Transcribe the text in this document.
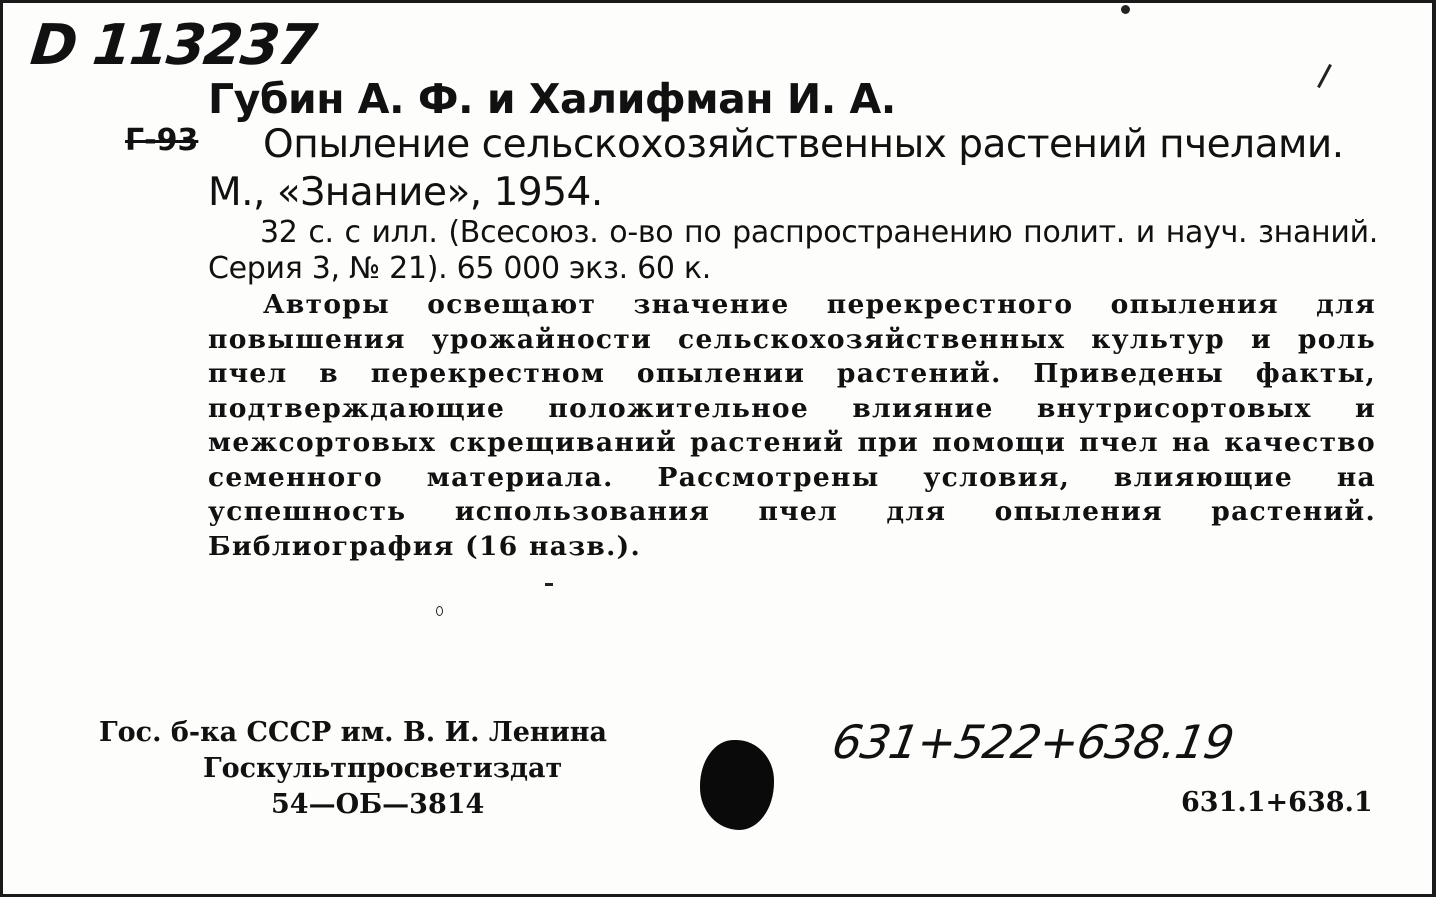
D 113237
Губин А. Ф. и Халифман И. А.
Г-93	Опыление сельскохозяйственных растений пчелами. М., «Знание», 1954.
32 с. с илл. (Всесоюз. о-во по распространению полит. и науч. знаний. Серия 3, № 21). 65 000 экз. 60 к.
Авторы освещают значение перекрестного опыления для повышения урожайности сельскохозяйственных культур и роль пчел в перекрестном опылении растений. Приведены факты, подтверждающие положительное влияние внутрисортовых и межсортовых скрещиваний растений при помощи пчел на качество семенного материала. Рассмотрены условия, влияющие на успешность использования пчел для опыления растений. Библиография (16 назв.).
Гос. б-ка СССР им. В. И. Ленина
Госкультпросветиздат
54—ОБ—3814
631+522+638.19
631.1+638.1
